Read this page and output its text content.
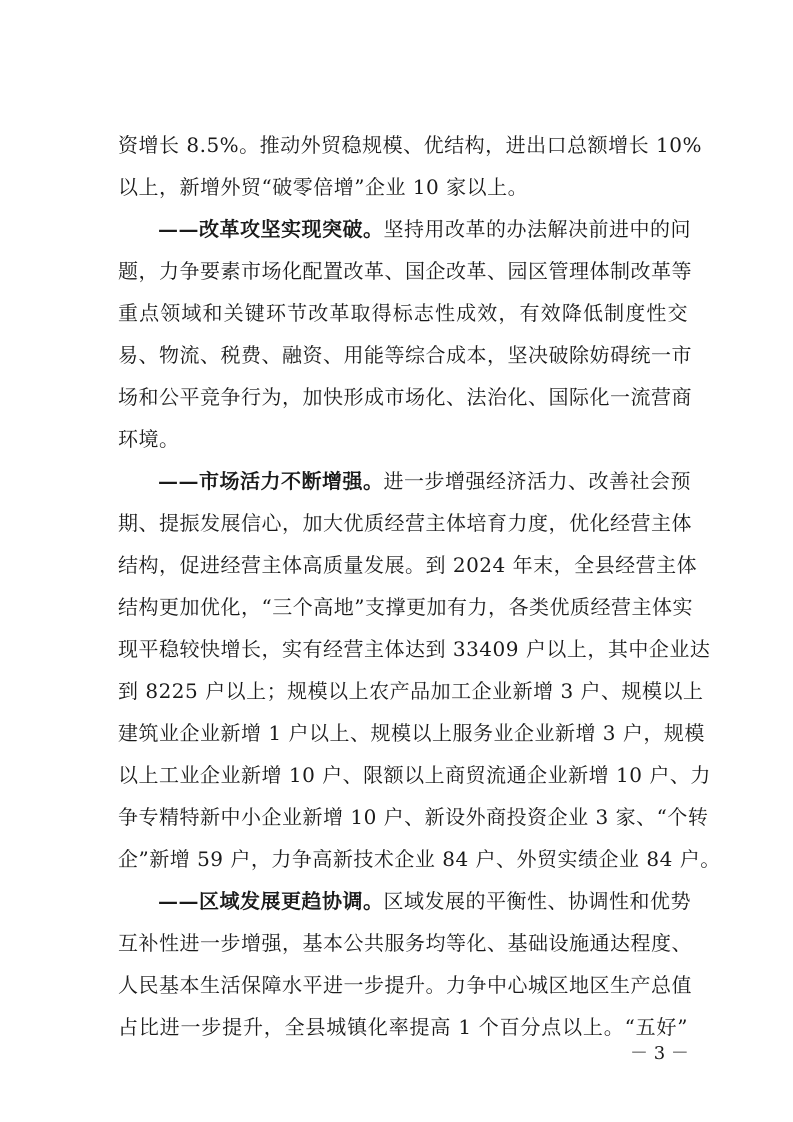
资增长 8.5%。推动外贸稳规模、优结构，进出口总额增长 10%
以上，新增外贸“破零倍增”企业 10 家以上。
——改革攻坚实现突破。坚持用改革的办法解决前进中的问
题，力争要素市场化配置改革、国企改革、园区管理体制改革等
重点领域和关键环节改革取得标志性成效，有效降低制度性交
易、物流、税费、融资、用能等综合成本，坚决破除妨碍统一市
场和公平竞争行为，加快形成市场化、法治化、国际化一流营商
环境。
——市场活力不断增强。进一步增强经济活力、改善社会预
期、提振发展信心，加大优质经营主体培育力度，优化经营主体
结构，促进经营主体高质量发展。到 2024 年末，全县经营主体
结构更加优化，“三个高地”支撑更加有力，各类优质经营主体实
现平稳较快增长，实有经营主体达到 33409 户以上，其中企业达
到 8225 户以上；规模以上农产品加工企业新增 3 户、规模以上
建筑业企业新增 1 户以上、规模以上服务业企业新增 3 户，规模
以上工业企业新增 10 户、限额以上商贸流通企业新增 10 户、力
争专精特新中小企业新增 10 户、新设外商投资企业 3 家、“个转
企”新增 59 户，力争高新技术企业 84 户、外贸实绩企业 84 户。
——区域发展更趋协调。区域发展的平衡性、协调性和优势
互补性进一步增强，基本公共服务均等化、基础设施通达程度、
人民基本生活保障水平进一步提升。力争中心城区地区生产总值
占比进一步提升，全县城镇化率提高 1 个百分点以上。“五好”
－ 3 －
